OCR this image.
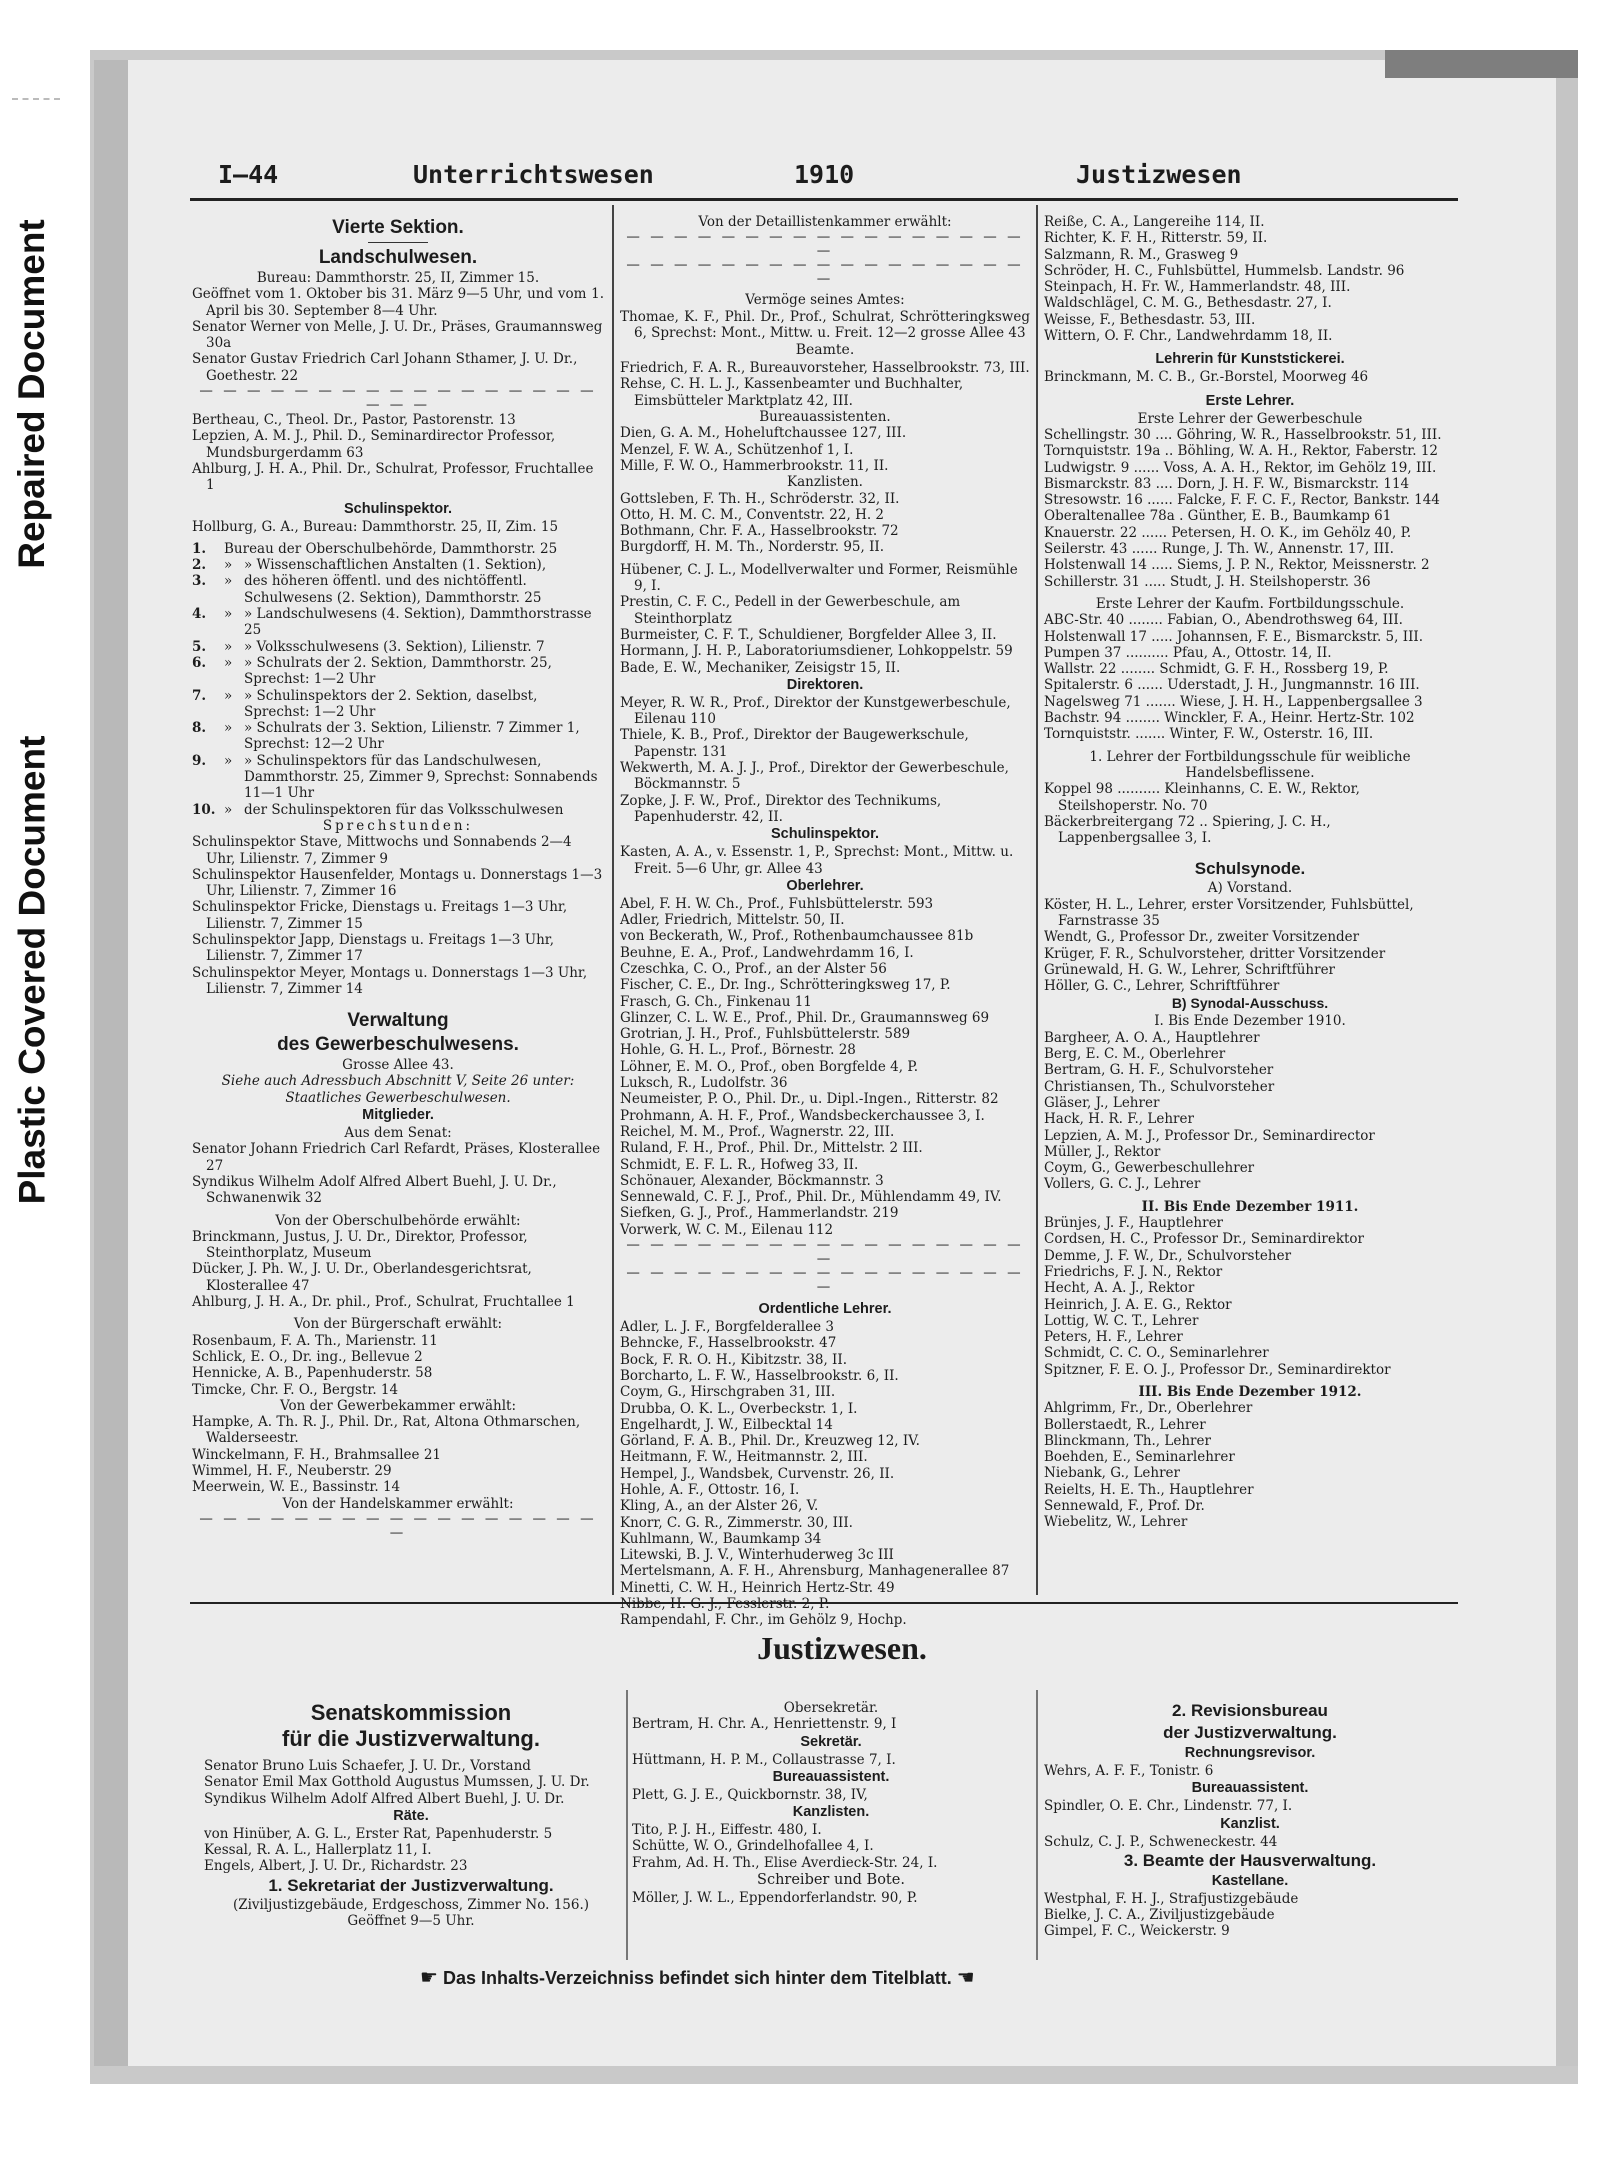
Repaired Document
Plastic Covered Document
I—44	Unterrichtswesen	1910	Justizwesen

Vierte Sektion.

Landschulwesen.

Bureau: Dammthorstr. 25, II, Zimmer 15.

Geöffnet vom 1. Oktober bis 31. März 9—5 Uhr, und vom 1. April bis 30. September 8—4 Uhr.

Senator Werner von Melle, J. U. Dr., Präses, Graumannsweg 30a

Senator Gustav Friedrich Carl Johann Sthamer, J. U. Dr., Goethestr. 22

— — — — — — — — — — — — — — — — — — — —

Bertheau, C., Theol. Dr., Pastor, Pastorenstr. 13

Lepzien, A. M. J., Phil. D., Seminardirector Professor, Mundsburgerdamm 63

Ahlburg, J. H. A., Phil. Dr., Schulrat, Professor, Fruchtallee 1

Schulinspektor.

Hollburg, G. A., Bureau: Dammthorstr. 25, II, Zim. 15

1.	Bureau der Oberschulbehörde, Dammthorstr. 25
2.	» » Wissenschaftlichen Anstalten (1. Sektion),
3.	» des höheren öffentl. und des nichtöffentl. Schulwesens (2. Sektion), Dammthorstr. 25
4.	» » Landschulwesens (4. Sektion), Dammthorstrasse 25
5.	» » Volksschulwesens (3. Sektion), Lilienstr. 7
6.	» » Schulrats der 2. Sektion, Dammthorstr. 25, Sprechst: 1—2 Uhr
7.	» » Schulinspektors der 2. Sektion, daselbst, Sprechst: 1—2 Uhr
8.	» » Schulrats der 3. Sektion, Lilienstr. 7 Zimmer 1, Sprechst: 12—2 Uhr
9.	» » Schulinspektors für das Landschulwesen, Dammthorstr. 25, Zimmer 9, Sprechst: Sonnabends 11—1 Uhr
10. » der Schulinspektoren für das Volksschulwesen

Sprechstunden:

Schulinspektor Stave, Mittwochs und Sonnabends 2—4 Uhr, Lilienstr. 7, Zimmer 9

Schulinspektor Hausenfelder, Montags u. Donnerstags 1—3 Uhr, Lilienstr. 7, Zimmer 16

Schulinspektor Fricke, Dienstags u. Freitags 1—3 Uhr, Lilienstr. 7, Zimmer 15

Schulinspektor Japp, Dienstags u. Freitags 1—3 Uhr, Lilienstr. 7, Zimmer 17

Schulinspektor Meyer, Montags u. Donnerstags 1—3 Uhr, Lilienstr. 7, Zimmer 14

Verwaltung

des Gewerbeschulwesens.

Grosse Allee 43.

Siehe auch Adressbuch Abschnitt V, Seite 26 unter: Staatliches Gewerbeschulwesen.

Mitglieder.

Aus dem Senat:

Senator Johann Friedrich Carl Refardt, Präses, Klosterallee 27

Syndikus Wilhelm Adolf Alfred Albert Buehl, J. U. Dr., Schwanenwik 32

Von der Oberschulbehörde erwählt:

Brinckmann, Justus, J. U. Dr., Direktor, Professor, Steinthorplatz, Museum

Dücker, J. Ph. W., J. U. Dr., Oberlandesgerichtsrat, Klosterallee 47

Ahlburg, J. H. A., Dr. phil., Prof., Schulrat, Fruchtallee 1

Von der Bürgerschaft erwählt:

Rosenbaum, F. A. Th., Marienstr. 11

Schlick, E. O., Dr. ing., Bellevue 2

Hennicke, A. B., Papenhuderstr. 58

Timcke, Chr. F. O., Bergstr. 14

Von der Gewerbekammer erwählt:

Hampke, A. Th. R. J., Phil. Dr., Rat, Altona Othmarschen, Walderseestr.

Winckelmann, F. H., Brahmsallee 21

Wimmel, H. F., Neuberstr. 29

Meerwein, W. E., Bassinstr. 14

Von der Handelskammer erwählt:

— — — — — — — — — — — — — — — — — —

Von der Detaillistenkammer erwählt:

— — — — — — — — — — — — — — — — — —

— — — — — — — — — — — — — — — — — —

Vermöge seines Amtes:

Thomae, K. F., Phil. Dr., Prof., Schulrat, Schrötteringksweg 6, Sprechst: Mont., Mittw. u. Freit. 12—2 grosse Allee 43

Beamte.

Friedrich, F. A. R., Bureauvorsteher, Hasselbrookstr. 73, III.

Rehse, C. H. L. J., Kassenbeamter und Buchhalter, Eimsbütteler Marktplatz 42, III.

Bureauassistenten.

Dien, G. A. M., Hoheluftchaussee 127, III.

Menzel, F. W. A., Schützenhof 1, I.

Mille, F. W. O., Hammerbrookstr. 11, II.

Kanzlisten.

Gottsleben, F. Th. H., Schröderstr. 32, II.

Otto, H. M. C. M., Conventstr. 22, H. 2

Bothmann, Chr. F. A., Hasselbrookstr. 72

Burgdorff, H. M. Th., Norderstr. 95, II.

Hübener, C. J. L., Modellverwalter und Former, Reismühle 9, I.

Prestin, C. F. C., Pedell in der Gewerbeschule, am Steinthorplatz

Burmeister, C. F. T., Schuldiener, Borgfelder Allee 3, II.

Hormann, J. H. P., Laboratoriumsdiener, Lohkoppelstr. 59

Bade, E. W., Mechaniker, Zeisigstr 15, II.

Direktoren.

Meyer, R. W. R., Prof., Direktor der Kunstgewerbeschule, Eilenau 110

Thiele, K. B., Prof., Direktor der Baugewerkschule, Papenstr. 131

Wekwerth, M. A. J. J., Prof., Direktor der Gewerbeschule, Böckmannstr. 5

Zopke, J. F. W., Prof., Direktor des Technikums, Papenhuderstr. 42, II.

Schulinspektor.

Kasten, A. A., v. Essenstr. 1, P., Sprechst: Mont., Mittw. u. Freit. 5—6 Uhr, gr. Allee 43

Oberlehrer.

Abel, F. H. W. Ch., Prof., Fuhlsbüttelerstr. 593

Adler, Friedrich, Mittelstr. 50, II.

von Beckerath, W., Prof., Rothenbaumchaussee 81b

Beuhne, E. A., Prof., Landwehrdamm 16, I.

Czeschka, C. O., Prof., an der Alster 56

Fischer, C. E., Dr. Ing., Schrötteringksweg 17, P.

Frasch, G. Ch., Finkenau 11

Glinzer, C. L. W. E., Prof., Phil. Dr., Graumannsweg 69

Grotrian, J. H., Prof., Fuhlsbüttelerstr. 589

Hohle, G. H. L., Prof., Börnestr. 28

Löhner, E. M. O., Prof., oben Borgfelde 4, P.

Luksch, R., Ludolfstr. 36

Neumeister, P. O., Phil. Dr., u. Dipl.-Ingen., Ritterstr. 82

Prohmann, A. H. F., Prof., Wandsbeckerchaussee 3, I.

Reichel, M. M., Prof., Wagnerstr. 22, III.

Ruland, F. H., Prof., Phil. Dr., Mittelstr. 2 III.

Schmidt, E. F. L. R., Hofweg 33, II.

Schönauer, Alexander, Böckmannstr. 3

Sennewald, C. F. J., Prof., Phil. Dr., Mühlendamm 49, IV.

Siefken, G. J., Prof., Hammerlandstr. 219

Vorwerk, W. C. M., Eilenau 112

— — — — — — — — — — — — — — — — — —

— — — — — — — — — — — — — — — — — —

Ordentliche Lehrer.

Adler, L. J. F., Borgfelderallee 3

Behncke, F., Hasselbrookstr. 47

Bock, F. R. O. H., Kibitzstr. 38, II.

Borcharto, L. F. W., Hasselbrookstr. 6, II.

Coym, G., Hirschgraben 31, III.

Drubba, O. K. L., Overbeckstr. 1, I.

Engelhardt, J. W., Eilbecktal 14

Görland, F. A. B., Phil. Dr., Kreuzweg 12, IV.

Heitmann, F. W., Heitmannstr. 2, III.

Hempel, J., Wandsbek, Curvenstr. 26, II.

Hohle, A. F., Ottostr. 16, I.

Kling, A., an der Alster 26, V.

Knorr, C. G. R., Zimmerstr. 30, III.

Kuhlmann, W., Baumkamp 34

Litewski, B. J. V., Winterhuderweg 3c III

Mertelsmann, A. F. H., Ahrensburg, Manhagenerallee 87

Minetti, C. W. H., Heinrich Hertz-Str. 49

Nibbe, H. G. J., Fesslerstr. 2, P.

Rampendahl, F. Chr., im Gehölz 9, Hochp.

Reiße, C. A., Langereihe 114, II.

Richter, K. F. H., Ritterstr. 59, II.

Salzmann, R. M., Grasweg 9

Schröder, H. C., Fuhlsbüttel, Hummelsb. Landstr. 96

Steinpach, H. Fr. W., Hammerlandstr. 48, III.

Waldschlägel, C. M. G., Bethesdastr. 27, I.

Weisse, F., Bethesdastr. 53, III.

Wittern, O. F. Chr., Landwehrdamm 18, II.

Lehrerin für Kunststickerei.

Brinckmann, M. C. B., Gr.-Borstel, Moorweg 46

Erste Lehrer.

Erste Lehrer der Gewerbeschule

Schellingstr. 30 .... Göhring, W. R., Hasselbrookstr. 51, III.

Tornquiststr. 19a .. Böhling, W. A. H., Rektor, Faberstr. 12

Ludwigstr. 9 ...... Voss, A. A. H., Rektor, im Gehölz 19, III.

Bismarckstr. 83 .... Dorn, J. H. F. W., Bismarckstr. 114

Stresowstr. 16 ...... Falcke, F. F. C. F., Rector, Bankstr. 144

Oberaltenallee 78a . Günther, E. B., Baumkamp 61

Knauerstr. 22 ...... Petersen, H. O. K., im Gehölz 40, P.

Seilerstr. 43 ...... Runge, J. Th. W., Annenstr. 17, III.

Holstenwall 14 ..... Siems, J. P. N., Rektor, Meissnerstr. 2

Schillerstr. 31 ..... Studt, J. H. Steilshoperstr. 36

Erste Lehrer der Kaufm. Fortbildungsschule.

ABC-Str. 40 ........ Fabian, O., Abendrothsweg 64, III.

Holstenwall 17 ..... Johannsen, F. E., Bismarckstr. 5, III.

Pumpen 37 .......... Pfau, A., Ottostr. 14, II.

Wallstr. 22 ........ Schmidt, G. F. H., Rossberg 19, P.

Spitalerstr. 6 ...... Uderstadt, J. H., Jungmannstr. 16 III.

Nagelsweg 71 ....... Wiese, J. H. H., Lappenbergsallee 3

Bachstr. 94 ........ Winckler, F. A., Heinr. Hertz-Str. 102

Tornquiststr. ....... Winter, F. W., Osterstr. 16, III.

1. Lehrer der Fortbildungsschule für weibliche Handelsbeflissene.

Koppel 98 .......... Kleinhanns, C. E. W., Rektor, Steilshoperstr. No. 70

Bäckerbreitergang 72 .. Spiering, J. C. H., Lappenbergsallee 3, I.

Schulsynode.

A) Vorstand.

Köster, H. L., Lehrer, erster Vorsitzender, Fuhlsbüttel, Farnstrasse 35

Wendt, G., Professor Dr., zweiter Vorsitzender

Krüger, F. R., Schulvorsteher, dritter Vorsitzender

Grünewald, H. G. W., Lehrer, Schriftführer

Höller, G. C., Lehrer, Schriftführer

B) Synodal-Ausschuss.

I. Bis Ende Dezember 1910.

Bargheer, A. O. A., Hauptlehrer

Berg, E. C. M., Oberlehrer

Bertram, G. H. F., Schulvorsteher

Christiansen, Th., Schulvorsteher

Gläser, J., Lehrer

Hack, H. R. F., Lehrer

Lepzien, A. M. J., Professor Dr., Seminardirector

Müller, J., Rektor

Coym, G., Gewerbeschullehrer

Vollers, G. C. J., Lehrer

II. Bis Ende Dezember 1911.

Brünjes, J. F., Hauptlehrer

Cordsen, H. C., Professor Dr., Seminardirektor

Demme, J. F. W., Dr., Schulvorsteher

Friedrichs, F. J. N., Rektor

Hecht, A. A. J., Rektor

Heinrich, J. A. E. G., Rektor

Lottig, W. C. T., Lehrer

Peters, H. F., Lehrer

Schmidt, C. C. O., Seminarlehrer

Spitzner, F. E. O. J., Professor Dr., Seminardirektor

III. Bis Ende Dezember 1912.

Ahlgrimm, Fr., Dr., Oberlehrer

Bollerstaedt, R., Lehrer

Blinckmann, Th., Lehrer

Boehden, E., Seminarlehrer

Niebank, G., Lehrer

Reielts, H. E. Th., Hauptlehrer

Sennewald, F., Prof. Dr.

Wiebelitz, W., Lehrer

Justizwesen.

Senatskommission

für die Justizverwaltung.

Senator Bruno Luis Schaefer, J. U. Dr., Vorstand

Senator Emil Max Gotthold Augustus Mumssen, J. U. Dr.

Syndikus Wilhelm Adolf Alfred Albert Buehl, J. U. Dr.

Räte.

von Hinüber, A. G. L., Erster Rat, Papenhuderstr. 5

Kessal, R. A. L., Hallerplatz 11, I.

Engels, Albert, J. U. Dr., Richardstr. 23

1. Sekretariat der Justizverwaltung.

(Ziviljustizgebäude, Erdgeschoss, Zimmer No. 156.)

Geöffnet 9—5 Uhr.

Obersekretär.

Bertram, H. Chr. A., Henriettenstr. 9, I

Sekretär.

Hüttmann, H. P. M., Collaustrasse 7, I.

Bureauassistent.

Plett, G. J. E., Quickbornstr. 38, IV,

Kanzlisten.

Tito, P. J. H., Eiffestr. 480, I.

Schütte, W. O., Grindelhofallee 4, I.

Frahm, Ad. H. Th., Elise Averdieck-Str. 24, I.

Schreiber und Bote.

Möller, J. W. L., Eppendorferlandstr. 90, P.

2. Revisionsbureau

der Justizverwaltung.

Rechnungsrevisor.

Wehrs, A. F. F., Tonistr. 6

Bureauassistent.

Spindler, O. E. Chr., Lindenstr. 77, I.

Kanzlist.

Schulz, C. J. P., Schweneckestr. 44

3. Beamte der Hausverwaltung.

Kastellane.

Westphal, F. H. J., Strafjustizgebäude

Bielke, J. C. A., Ziviljustizgebäude

Gimpel, F. C., Weickerstr. 9

☛ Das Inhalts-Verzeichniss befindet sich hinter dem Titelblatt. ☚
